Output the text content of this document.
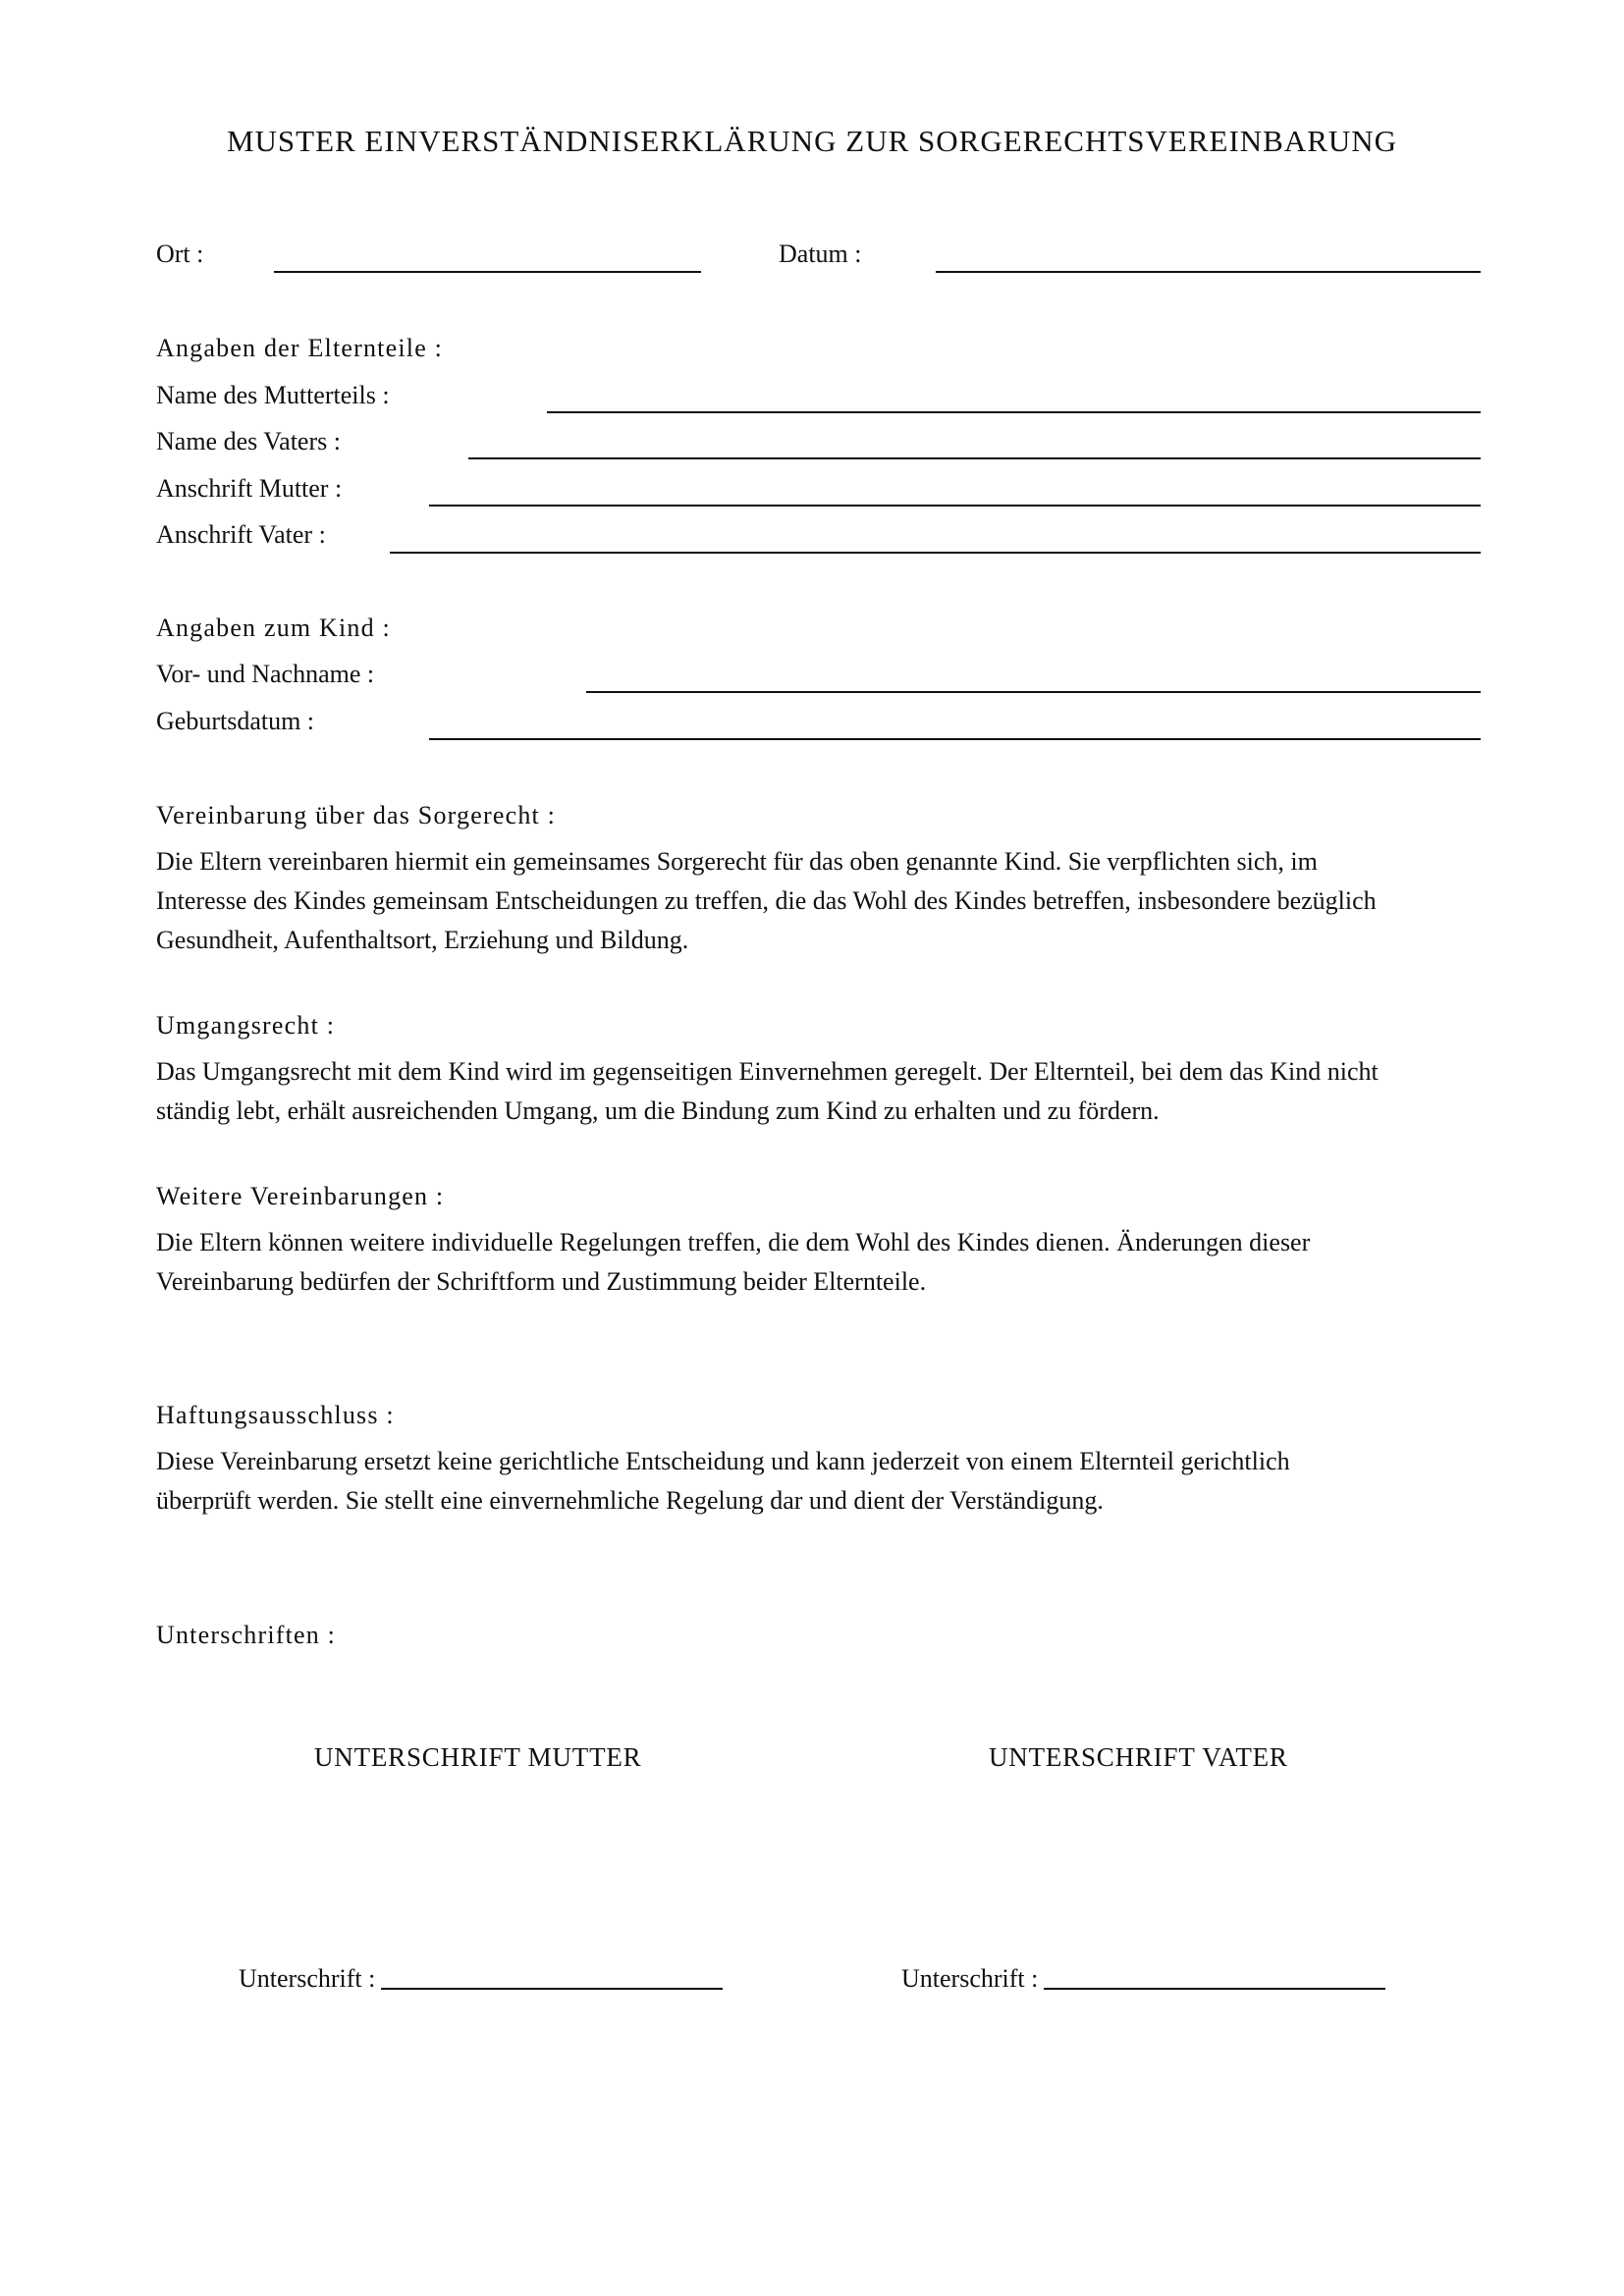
MUSTER EINVERSTÄNDNISERKLÄRUNG ZUR SORGERECHTSVEREINBARUNG
Ort :	Datum :
Angaben der Elternteile :
Name des Mutterteils :
Name des Vaters :
Anschrift Mutter :
Anschrift Vater :
Angaben zum Kind :
Vor- und Nachname :
Geburtsdatum :
Vereinbarung über das Sorgerecht :
Die Eltern vereinbaren hiermit ein gemeinsames Sorgerecht für das oben genannte Kind. Sie verpflichten sich, im
Interesse des Kindes gemeinsam Entscheidungen zu treffen, die das Wohl des Kindes betreffen, insbesondere bezüglich
Gesundheit, Aufenthaltsort, Erziehung und Bildung.
Umgangsrecht :
Das Umgangsrecht mit dem Kind wird im gegenseitigen Einvernehmen geregelt. Der Elternteil, bei dem das Kind nicht
ständig lebt, erhält ausreichenden Umgang, um die Bindung zum Kind zu erhalten und zu fördern.
Weitere Vereinbarungen :
Die Eltern können weitere individuelle Regelungen treffen, die dem Wohl des Kindes dienen. Änderungen dieser
Vereinbarung bedürfen der Schriftform und Zustimmung beider Elternteile.
Haftungsausschluss :
Diese Vereinbarung ersetzt keine gerichtliche Entscheidung und kann jederzeit von einem Elternteil gerichtlich
überprüft werden. Sie stellt eine einvernehmliche Regelung dar und dient der Verständigung.
Unterschriften :
UNTERSCHRIFT MUTTER	UNTERSCHRIFT VATER
Unterschrift :	Unterschrift :
